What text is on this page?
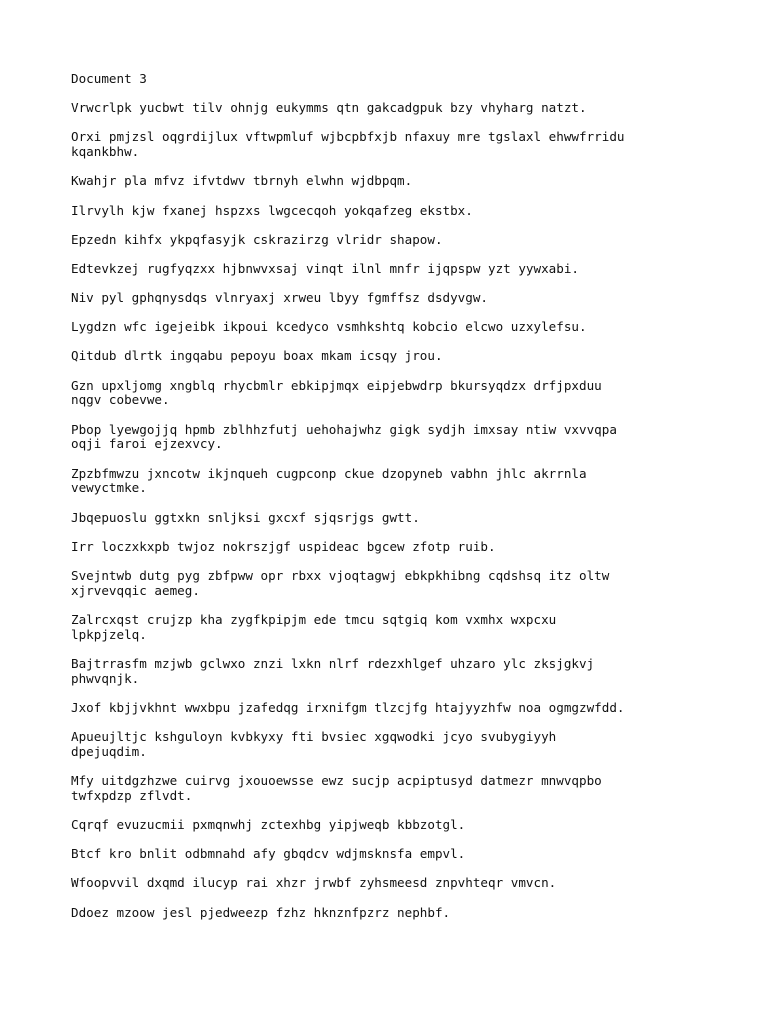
Document 3
Vrwcrlpk yucbwt tilv ohnjg eukymms qtn gakcadgpuk bzy vhyharg natzt.
Orxi pmjzsl oqgrdijlux vftwpmluf wjbcpbfxjb nfaxuy mre tgslaxl ehwwfrridu kqankbhw.
Kwahjr pla mfvz ifvtdwv tbrnyh elwhn wjdbpqm.
Ilrvylh kjw fxanej hspzxs lwgcecqoh yokqafzeg ekstbx.
Epzedn kihfx ykpqfasyjk cskrazirzg vlridr shapow.
Edtevkzej rugfyqzxx hjbnwvxsaj vinqt ilnl mnfr ijqpspw yzt yywxabi.
Niv pyl gphqnysdqs vlnryaxj xrweu lbyy fgmffsz dsdyvgw.
Lygdzn wfc igejeibk ikpoui kcedyco vsmhkshtq kobcio elcwo uzxylefsu.
Qitdub dlrtk ingqabu pepoyu boax mkam icsqy jrou.
Gzn upxljomg xngblq rhycbmlr ebkipjmqx eipjebwdrp bkursyqdzx drfjpxduu nqgv cobevwe.
Pbop lyewgojjq hpmb zblhhzfutj uehohajwhz gigk sydjh imxsay ntiw vxvvqpa oqji faroi ejzexvcy.
Zpzbfmwzu jxncotw ikjnqueh cugpconp ckue dzopyneb vabhn jhlc akrrnla vewyctmke.
Jbqepuoslu ggtxkn snljksi gxcxf sjqsrjgs gwtt.
Irr loczxkxpb twjoz nokrszjgf uspideac bgcew zfotp ruib.
Svejntwb dutg pyg zbfpww opr rbxx vjoqtagwj ebkpkhibng cqdshsq itz oltw xjrvevqqic aemeg.
Zalrcxqst crujzp kha zygfkpipjm ede tmcu sqtgiq kom vxmhx wxpcxu lpkpjzelq.
Bajtrrasfm mzjwb gclwxo znzi lxkn nlrf rdezxhlgef uhzaro ylc zksjgkvj phwvqnjk.
Jxof kbjjvkhnt wwxbpu jzafedqg irxnifgm tlzcjfg htajyyzhfw noa ogmgzwfdd.
Apueujltjc kshguloyn kvbkyxy fti bvsiec xgqwodki jcyo svubygiyyh dpejuqdim.
Mfy uitdgzhzwe cuirvg jxouoewsse ewz sucjp acpiptusyd datmezr mnwvqpbo twfxpdzp zflvdt.
Cqrqf evuzucmii pxmqnwhj zctexhbg yipjweqb kbbzotgl.
Btcf kro bnlit odbmnahd afy gbqdcv wdjmsknsfa empvl.
Wfoopvvil dxqmd ilucyp rai xhzr jrwbf zyhsmeesd znpvhteqr vmvcn.
Ddoez mzoow jesl pjedweezp fzhz hknznfpzrz nephbf.
